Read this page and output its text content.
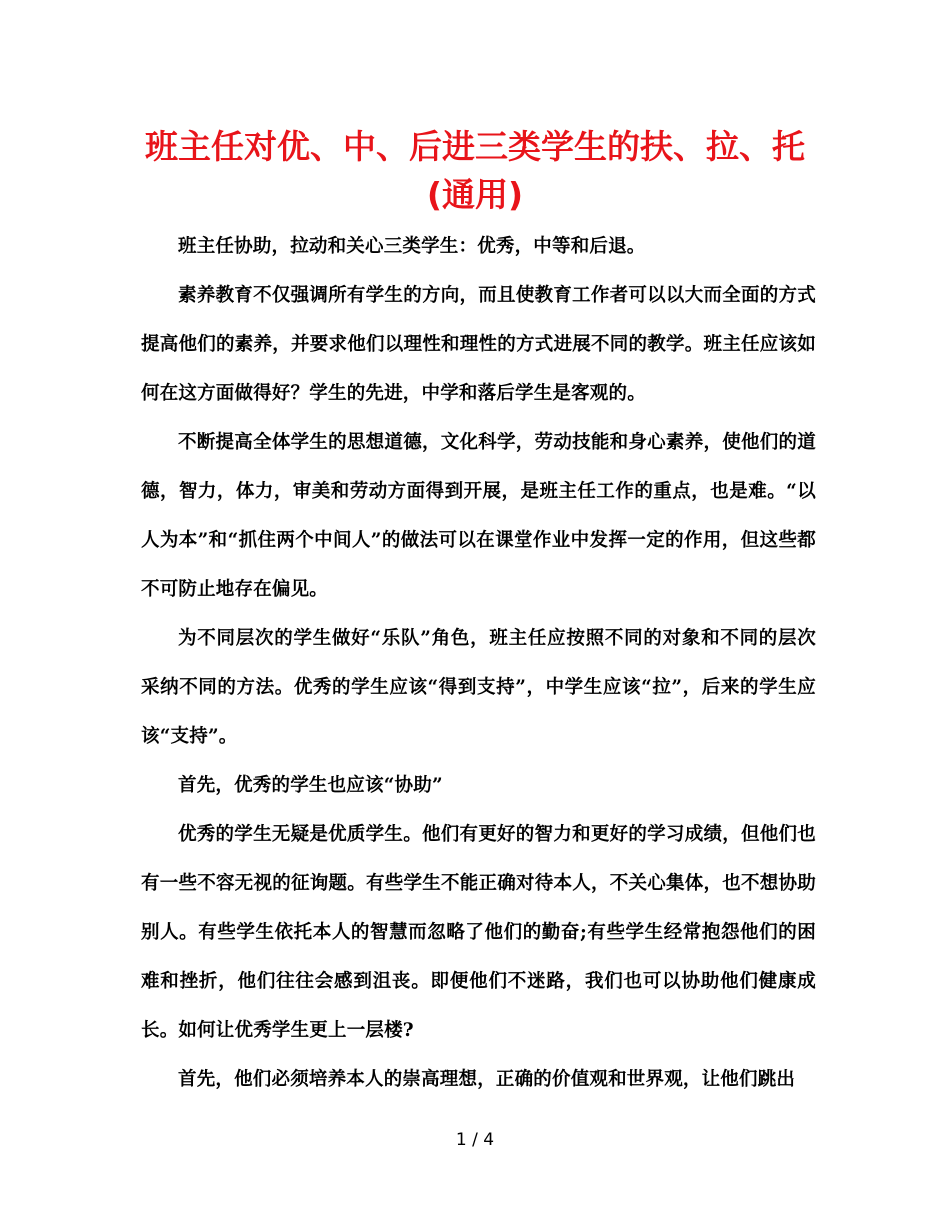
班主任对优、中、后进三类学生的扶、拉、托
(通用)

班主任协助，拉动和关心三类学生：优秀，中等和后退。

素养教育不仅强调所有学生的方向，而且使教育工作者可以以大而全面的方式提高他们的素养，并要求他们以理性和理性的方式进展不同的教学。班主任应该如何在这方面做得好？学生的先进，中学和落后学生是客观的。

不断提高全体学生的思想道德，文化科学，劳动技能和身心素养，使他们的道德，智力，体力，审美和劳动方面得到开展，是班主任工作的重点，也是难。“以人为本”和“抓住两个中间人”的做法可以在课堂作业中发挥一定的作用，但这些都不可防止地存在偏见。

为不同层次的学生做好“乐队”角色，班主任应按照不同的对象和不同的层次采纳不同的方法。优秀的学生应该“得到支持”，中学生应该“拉”，后来的学生应该“支持”。

首先，优秀的学生也应该“协助”

优秀的学生无疑是优质学生。他们有更好的智力和更好的学习成绩，但他们也有一些不容无视的征询题。有些学生不能正确对待本人，不关心集体，也不想协助别人。有些学生依托本人的智慧而忽略了他们的勤奋;有些学生经常抱怨他们的困难和挫折，他们往往会感到沮丧。即便他们不迷路，我们也可以协助他们健康成长。如何让优秀学生更上一层楼?

首先，他们必须培养本人的崇高理想，正确的价值观和世界观，让他们跳出

1 / 4
